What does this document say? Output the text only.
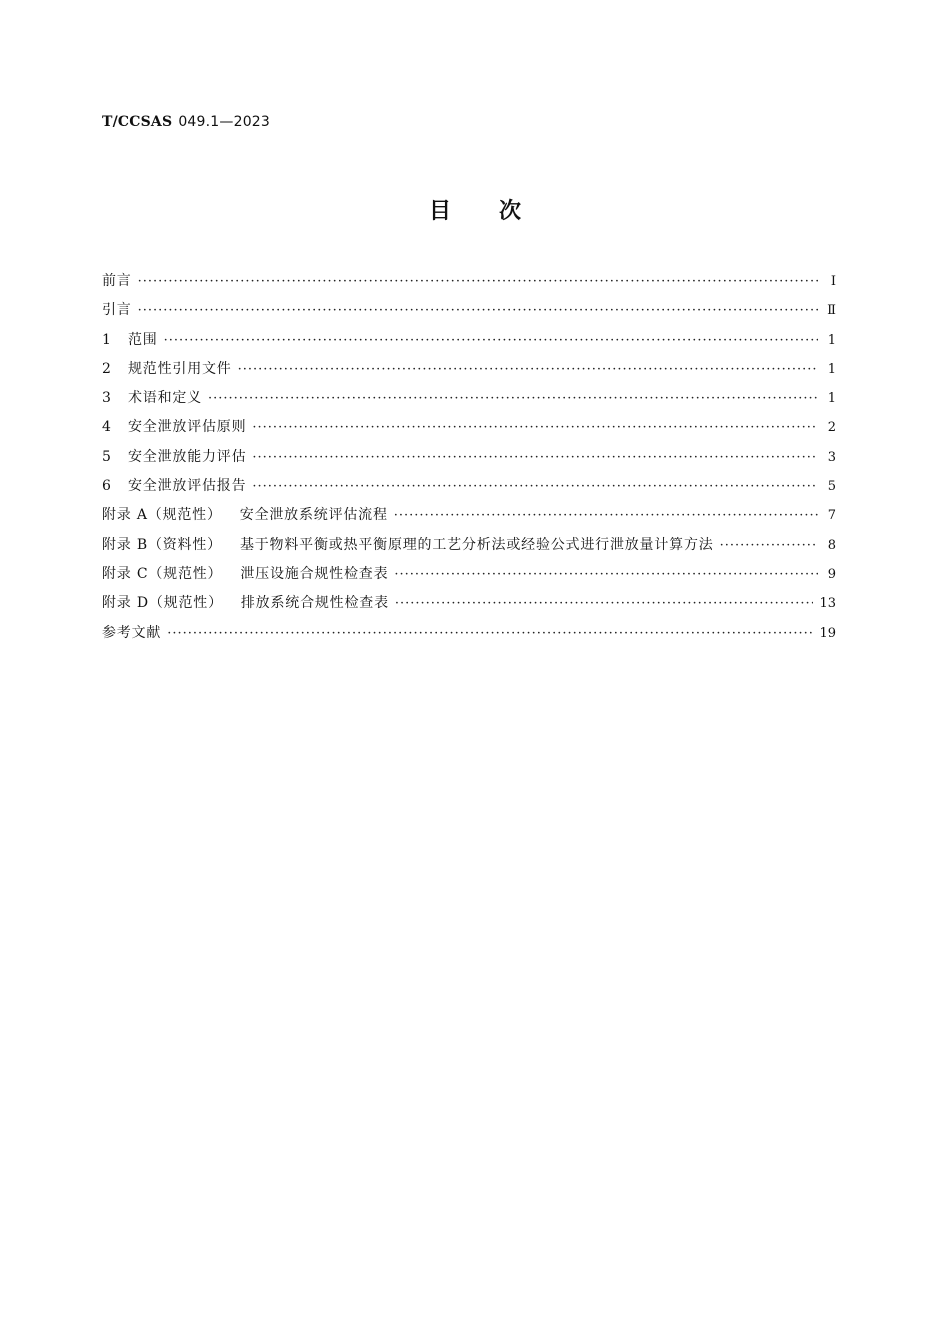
T/CCSAS 049.1—2023
目次
前言 ·····	Ⅰ
引言 ·····	Ⅱ
1 范围 ·····	1
2 规范性引用文件 ·····	1
3 术语和定义 ·····	1
4 安全泄放评估原则 ·····	2
5 安全泄放能力评估 ·····	3
6 安全泄放评估报告 ·····	5
附录 A（规范性） 安全泄放系统评估流程 ·····	7
附录 B（资料性） 基于物料平衡或热平衡原理的工艺分析法或经验公式进行泄放量计算方法 ·····	8
附录 C（规范性） 泄压设施合规性检查表 ·····	9
附录 D（规范性） 排放系统合规性检查表 ·····	13
参考文献 ·····	19
